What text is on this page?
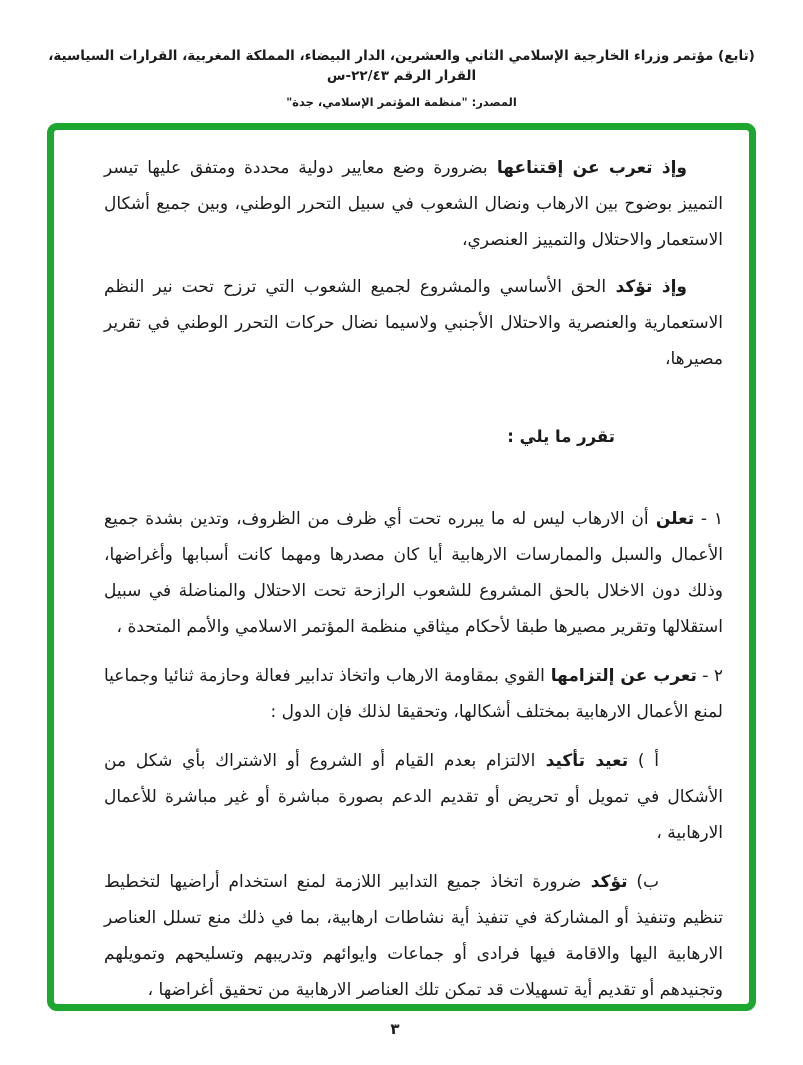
(تابع) مؤتمر وزراء الخارجية الإسلامي الثاني والعشرين، الدار البيضاء، المملكة المغربية، القرارات السياسية، القرار الرقم ٢٢/٤٣-س
المصدر: "منظمة المؤتمر الإسلامي، جدة"

وإذ تعرب عن إقتناعها بضرورة وضع معايير دولية محددة ومتفق عليها تيسر التمييز بوضوح بين الارهاب ونضال الشعوب في سبيل التحرر الوطني، وبين جميع أشكال الاستعمار والاحتلال والتمييز العنصري،

وإذ تؤكد الحق الأساسي والمشروع لجميع الشعوب التي ترزح تحت نير النظم الاستعمارية والعنصرية والاحتلال الأجنبي ولاسيما نضال حركات التحرر الوطني في تقرير مصيرها،

تقرر ما يلي :

١ - تعلن أن الارهاب ليس له ما يبرره تحت أي ظرف من الظروف، وتدين بشدة جميع الأعمال والسبل والممارسات الارهابية أيا كان مصدرها ومهما كانت أسبابها وأغراضها، وذلك دون الاخلال بالحق المشروع للشعوب الرازحة تحت الاحتلال والمناضلة في سبيل استقلالها وتقرير مصيرها طبقا لأحكام ميثاقي منظمة المؤتمر الاسلامي والأمم المتحدة ،

٢ - تعرب عن إلتزامها القوي بمقاومة الارهاب واتخاذ تدابير فعالة وحازمة ثنائيا وجماعيا لمنع الأعمال الارهابية بمختلف أشكالها، وتحقيقا لذلك فإن الدول :

أ ) تعيد تأكيد الالتزام بعدم القيام أو الشروع أو الاشتراك بأي شكل من الأشكال في تمويل أو تحريض أو تقديم الدعم بصورة مباشرة أو غير مباشرة للأعمال الارهابية ،

ب) تؤكد ضرورة اتخاذ جميع التدابير اللازمة لمنع استخدام أراضيها لتخطيط تنظيم وتنفيذ أو المشاركة في تنفيذ أية نشاطات ارهابية، بما في ذلك منع تسلل العناصر الارهابية اليها والاقامة فيها فرادى أو جماعات وايوائهم وتدريبهم وتسليحهم وتمويلهم وتجنيدهم أو تقديم أية تسهيلات قد تمكن تلك العناصر الارهابية من تحقيق أغراضها ،

٣
